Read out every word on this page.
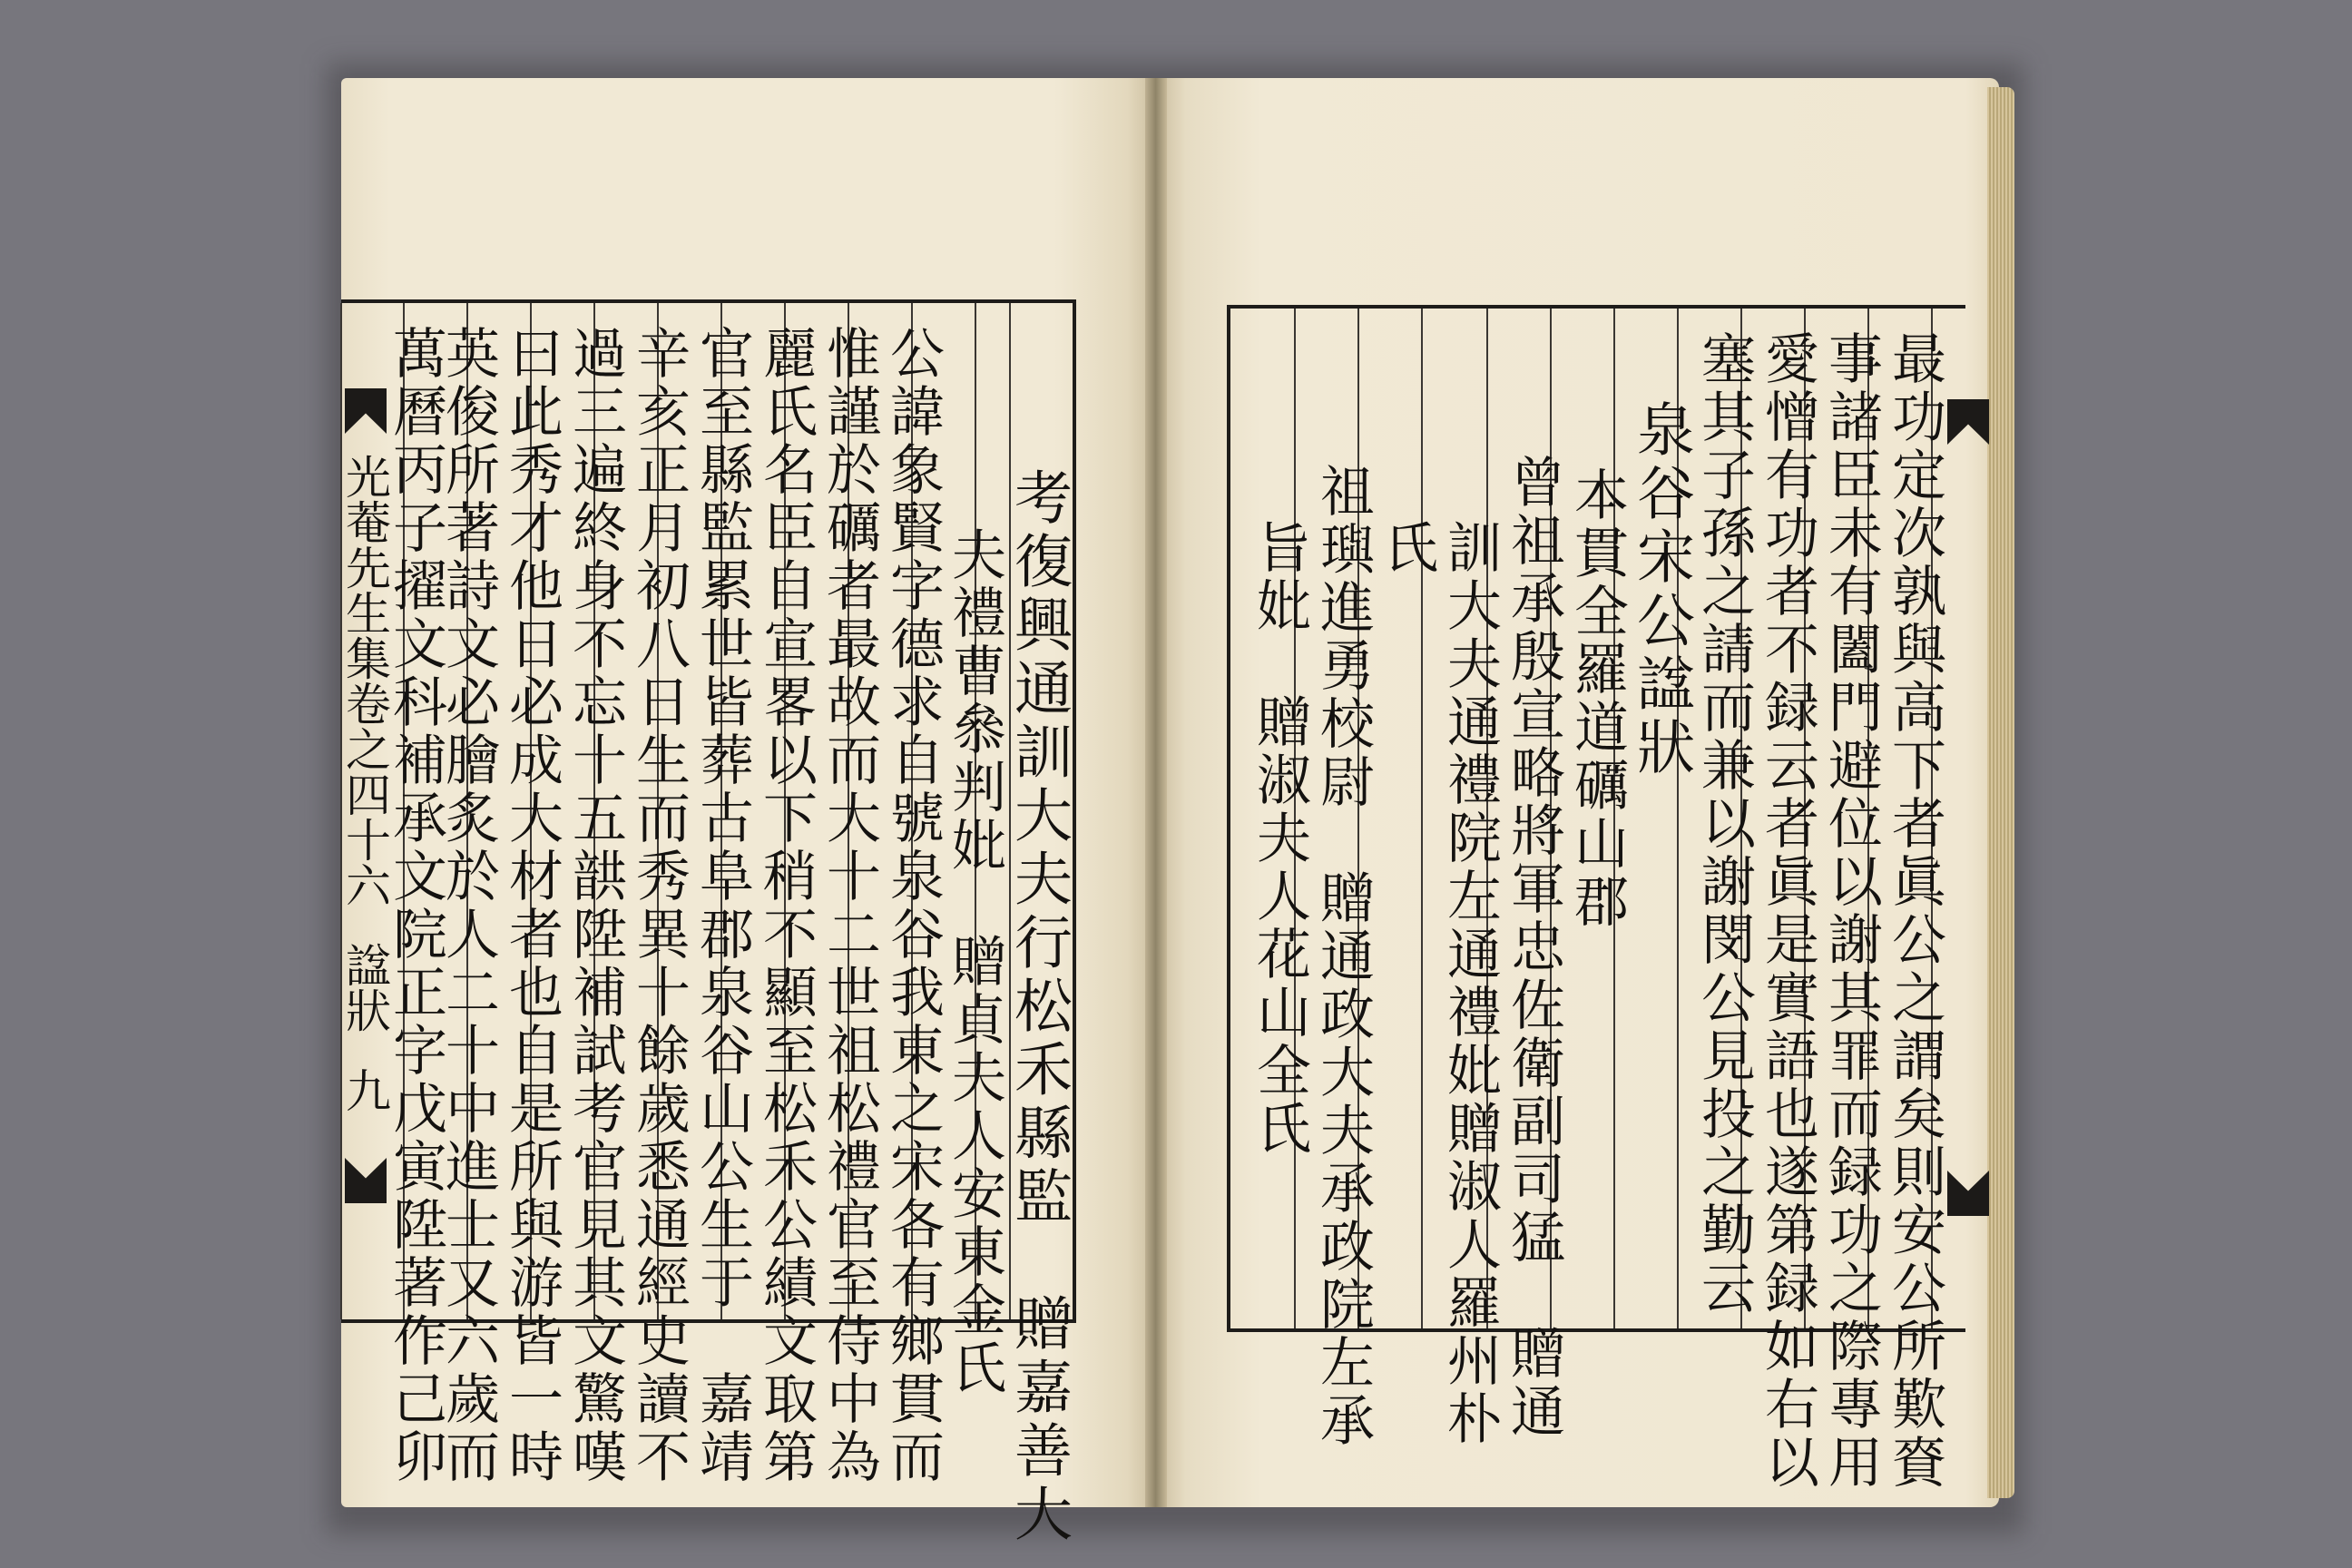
光菴先生集卷之四十六
諡狀
九	考復興通訓大夫行松禾縣監　贈嘉善大
夫禮曹叅判妣　贈貞夫人安東金氏
公諱象賢字德求自號泉谷我東之宋各有鄉貫而
惟謹於礪者最故而大十二世祖松禮官至侍中為
麗氏名臣自宣畧以下稍不顯至松禾公績文取第
官至縣監累世皆葬古阜郡泉谷山公生于　嘉靖
辛亥正月初八日生而秀異十餘歲悉通經史讀不
過三遍終身不忘十五𩐠陞補試考官見其文驚嘆
曰此秀才他日必成大材者也自是所與游皆一時
英俊所著詩文必膾炙於人二十中進士又六歲而
萬曆丙子擢文科補承文院正字戊寅陞著作己卯	最功定次孰與高下者眞公之謂矣則安公所歎𧶘
事諸臣未有闔門避位以謝其罪而録功之際專用
愛憎有功者不録云者眞是實語也遂第録如右以
塞其子孫之請而兼以謝閔公見投之勤云
泉谷宋公諡狀
本貫全羅道礪山郡
曾祖承殷宣略將軍忠佐衛副司猛　贈通
訓大夫通禮院左通禮妣贈淑人羅州朴
氏
祖璵進勇校尉　贈通政大夫承政院左承
旨妣　贈淑夫人花山全氏
